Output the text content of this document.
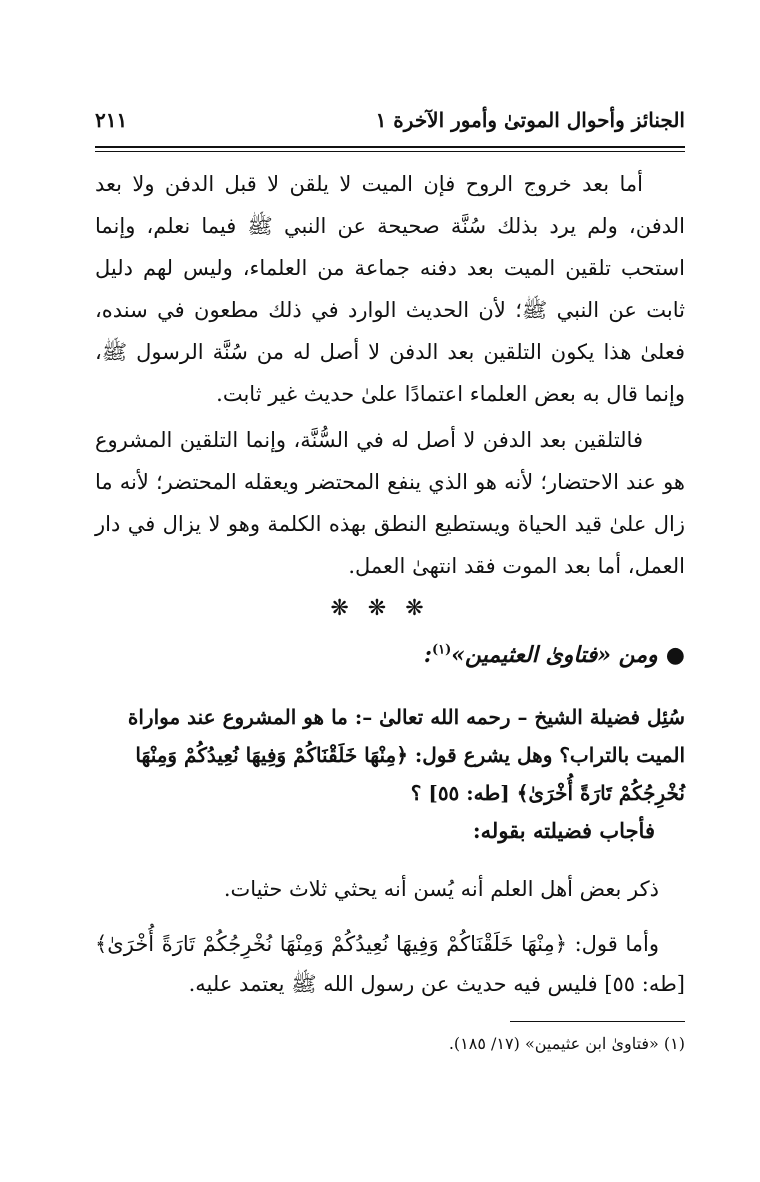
الجنائز وأحوال الموتىٰ وأمور الآخرة ١
٢١١

أما بعد خروج الروح فإن الميت لا يلقن لا قبل الدفن ولا بعد الدفن، ولم يرد بذلك سُنَّة صحيحة عن النبي ﷺ فيما نعلم، وإنما استحب تلقين الميت بعد دفنه جماعة من العلماء، وليس لهم دليل ثابت عن النبي ﷺ؛ لأن الحديث الوارد في ذلك مطعون في سنده، فعلىٰ هذا يكون التلقين بعد الدفن لا أصل له من سُنَّة الرسول ﷺ، وإنما قال به بعض العلماء اعتمادًا علىٰ حديث غير ثابت.

فالتلقين بعد الدفن لا أصل له في السُّنَّة، وإنما التلقين المشروع هو عند الاحتضار؛ لأنه هو الذي ينفع المحتضر ويعقله المحتضر؛ لأنه ما زال علىٰ قيد الحياة ويستطيع النطق بهذه الكلمة وهو لا يزال في دار العمل، أما بعد الموت فقد انتهىٰ العمل.

❋ ❋ ❋
●ومن «فتاوىٰ العثيمين»$^{(١)}$:

سُئِل فضيلة الشيخ – رحمه الله تعالىٰ –: ما هو المشروع عند مواراة الميت بالتراب؟ وهل يشرع قول: ﴿مِنْهَا خَلَقْنَاكُمْ وَفِيهَا نُعِيدُكُمْ وَمِنْهَا نُخْرِجُكُمْ تَارَةً أُخْرَىٰ﴾ [طه: ٥٥] ؟

فأجاب فضيلته بقوله:

ذكر بعض أهل العلم أنه يُسن أنه يحثي ثلاث حثيات.

وأما قول: ﴿مِنْهَا خَلَقْنَاكُمْ وَفِيهَا نُعِيدُكُمْ وَمِنْهَا نُخْرِجُكُمْ تَارَةً أُخْرَىٰ﴾ [طه: ٥٥] فليس فيه حديث عن رسول الله ﷺ يعتمد عليه.

(١) «فتاوىٰ ابن عثيمين» (١٧/ ١٨٥).
